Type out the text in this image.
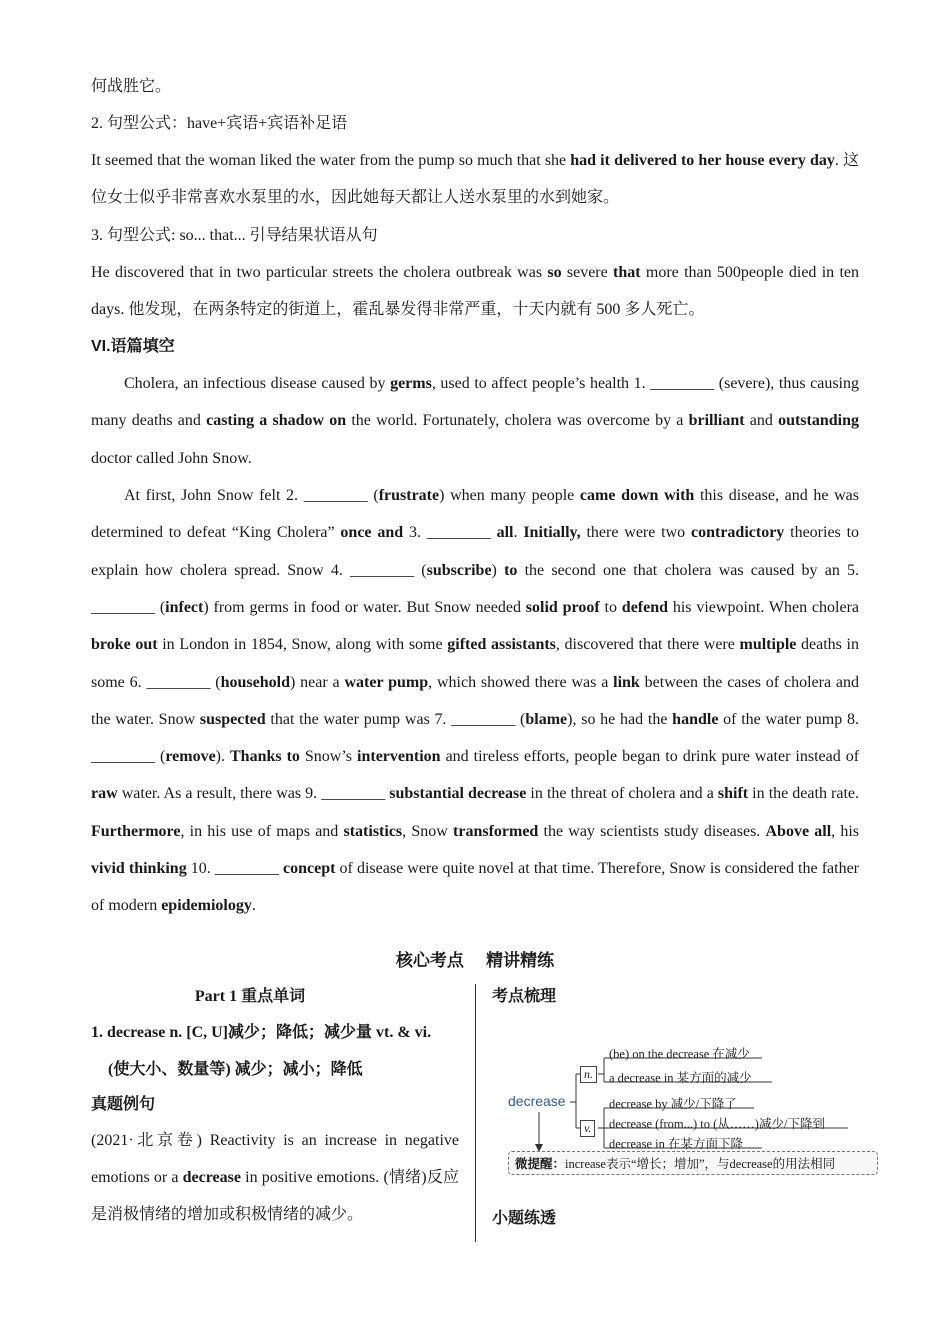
何战胜它。
2. 句型公式：have+宾语+宾语补足语

It seemed that the woman liked the water from the pump so much that she had it delivered to her house every day. 这位女士似乎非常喜欢水泵里的水，因此她每天都让人送水泵里的水到她家。

3. 句型公式: so... that... 引导结果状语从句

He discovered that in two particular streets the cholera outbreak was so severe that more than 500people died in ten days. 他发现，在两条特定的街道上，霍乱暴发得非常严重，十天内就有 500 多人死亡。

VI.语篇填空

Cholera, an infectious disease caused by germs, used to affect people’s health 1. ________ (severe), thus causing many deaths and casting a shadow on the world. Fortunately, cholera was overcome by a brilliant and outstanding doctor called John Snow.

At first, John Snow felt 2. ________ (frustrate) when many people came down with this disease, and he was determined to defeat “King Cholera” once and 3. ________ all. Initially, there were two contradictory theories to explain how cholera spread. Snow 4. ________ (subscribe) to the second one that cholera was caused by an 5. ________ (infect) from germs in food or water. But Snow needed solid proof to defend his viewpoint. When cholera broke out in London in 1854, Snow, along with some gifted assistants, discovered that there were multiple deaths in some 6. ________ (household) near a water pump, which showed there was a link between the cases of cholera and the water. Snow suspected that the water pump was 7. ________ (blame), so he had the handle of the water pump 8. ________ (remove). Thanks to Snow’s intervention and tireless efforts, people began to drink pure water instead of raw water. As a result, there was 9. ________ substantial decrease in the threat of cholera and a shift in the death rate. Furthermore, in his use of maps and statistics, Snow transformed the way scientists study diseases. Above all, his vivid thinking 10. ________ concept of disease were quite novel at that time. Therefore, Snow is considered the father of modern epidemiology.

核心考点 精讲精练
Part 1 重点单词
1. decrease n. [C, U]减少；降低；减少量 vt. & vi.
(使大小、数量等) 减少；减小；降低
真题例句

(2021·北京卷) Reactivity is an increase in negative emotions or a decrease in positive emotions. (情绪)反应是消极情绪的增加或积极情绪的减少。

考点梳理
decrease
n.
v.
(be) on the decrease 在减少
a decrease in 某方面的减少
decrease by 减少/下降了
decrease (from...) to (从……)减少/下降到
decrease in 在某方面下降
微提醒：increase表示“增长；增加”，与decrease的用法相同
小题练透
